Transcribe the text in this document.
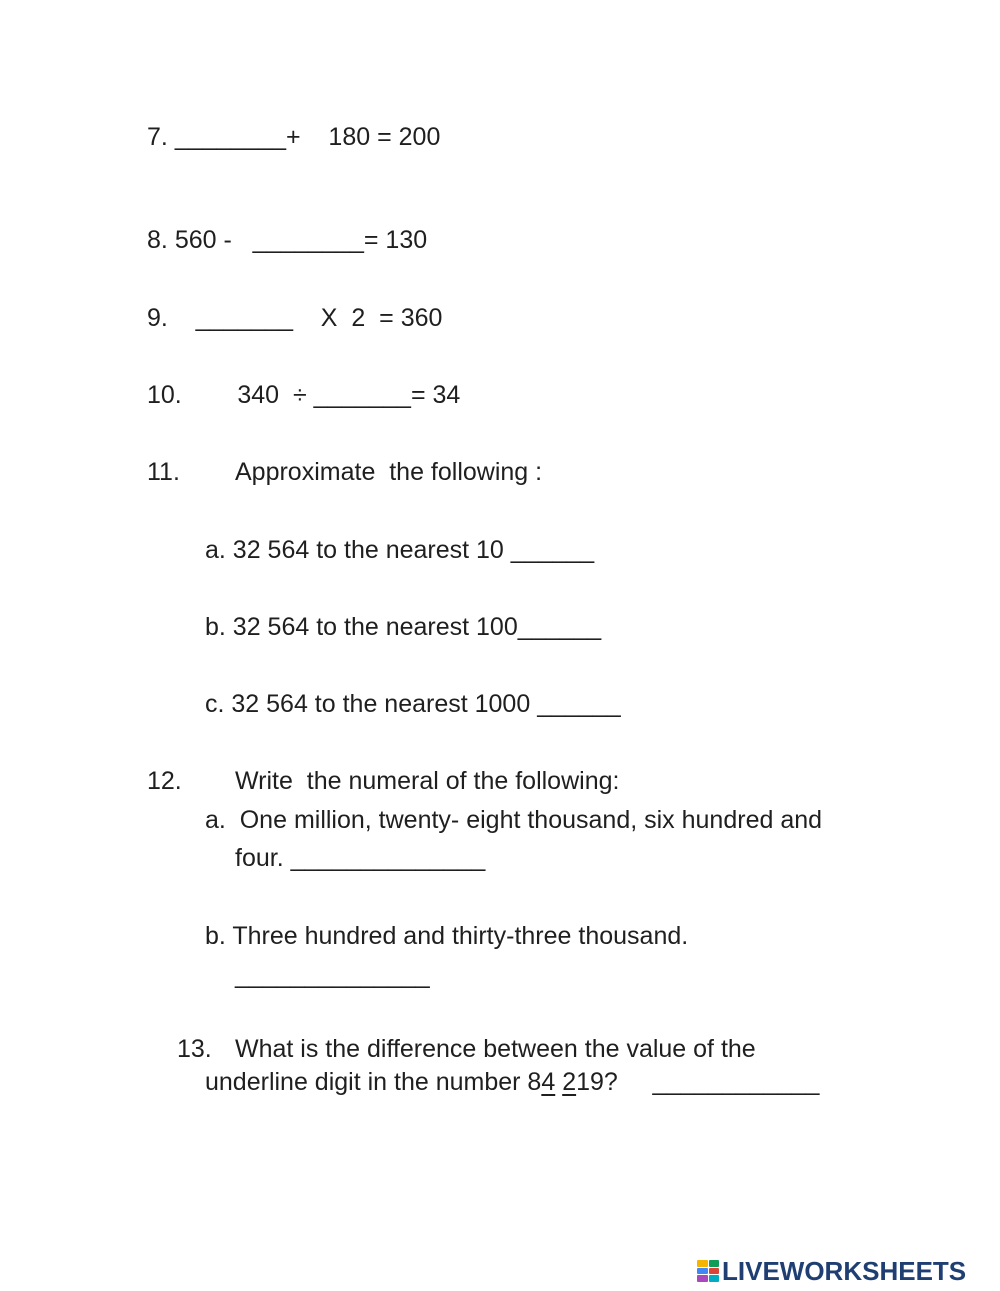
7. ________+    180 = 200
8. 560 -   ________= 130
9. _______ X  2  = 360
10. 340  ÷ _______= 34
11. Approximate  the following :
a. 32 564 to the nearest 10 ______
b. 32 564 to the nearest 100______
c. 32 564 to the nearest 1000 ______
12. Write  the numeral of the following:
a.  One million, twenty- eight thousand, six hundred and
four. ______________
b. Three hundred and thirty-three thousand.
______________
13. What is the difference between the value of the
underline digit in the number 84 219? ____________
LIVEWORKSHEETS
